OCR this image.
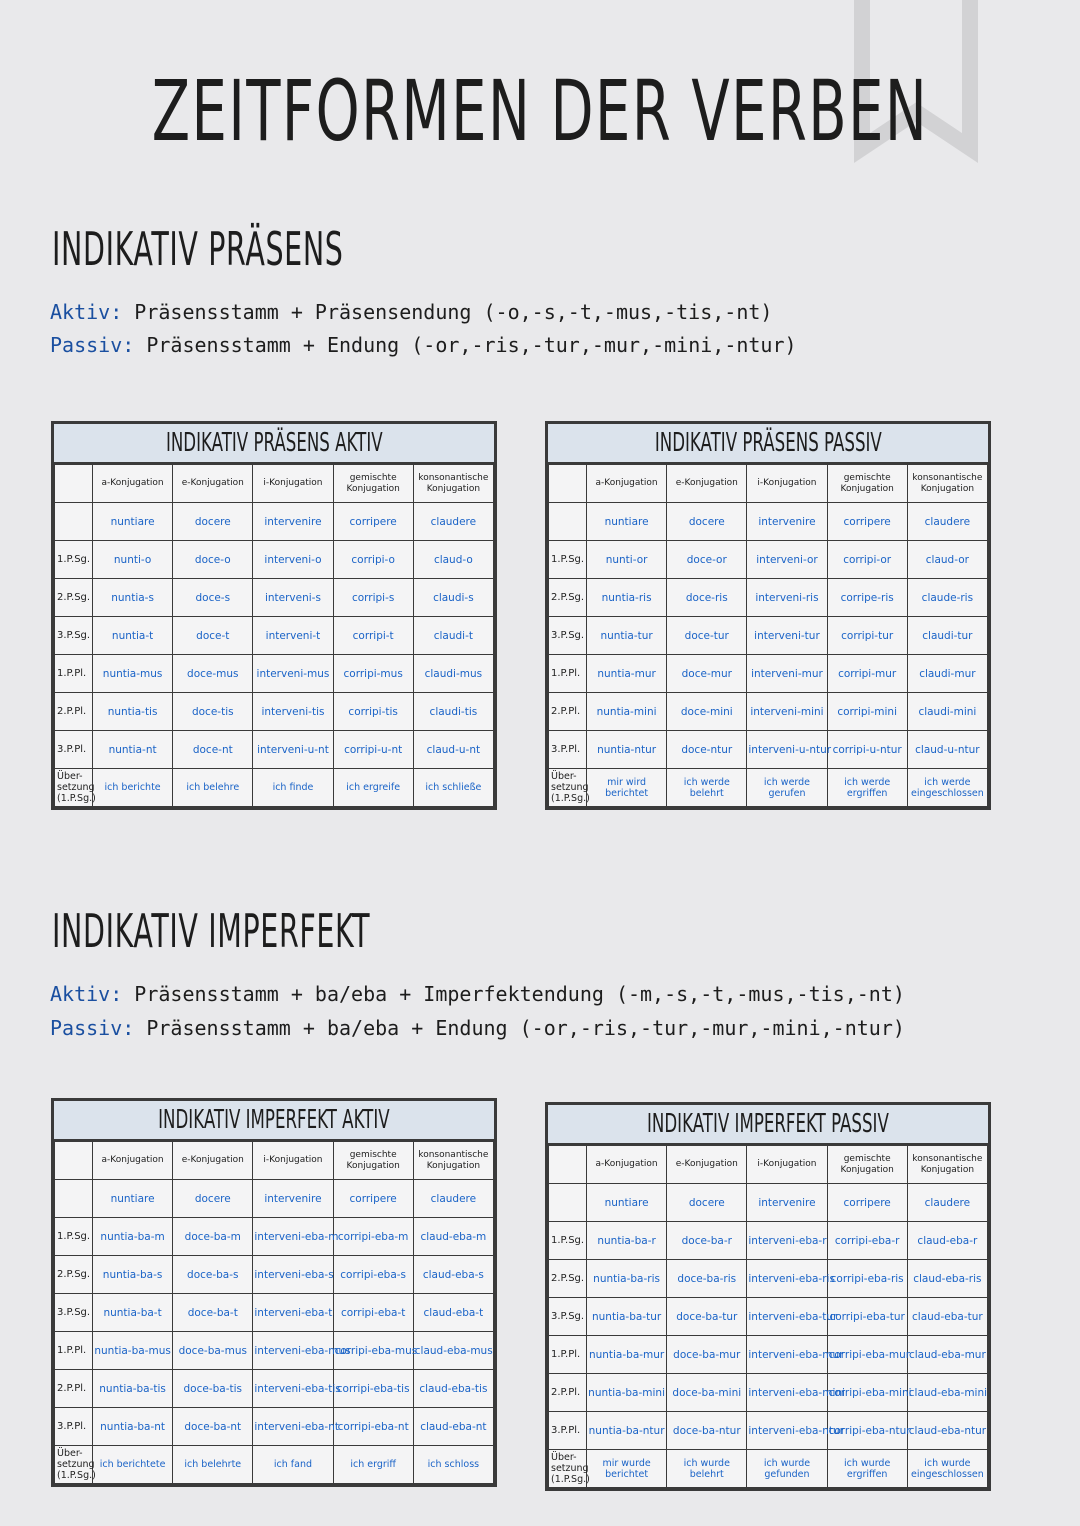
ZEITFORMEN DER VERBEN
INDIKATIV PRÄSENS
Aktiv: Präsensstamm + Präsensendung (-o,-s,-t,-mus,-tis,-nt)
Passiv: Präsensstamm + Endung (-or,-ris,-tur,-mur,-mini,-ntur)
INDIKATIV IMPERFEKT
Aktiv: Präsensstamm + ba/eba + Imperfektendung (-m,-s,-t,-mus,-tis,-nt)
Passiv: Präsensstamm + ba/eba + Endung (-or,-ris,-tur,-mur,-mini,-ntur)
INDIKATIV PRÄSENS AKTIV
	a-Konjugation	e-Konjugation	i-Konjugation	gemischte Konjugation	konsonantische Konjugation
	nuntiare	docere	intervenire	corripere	claudere
1.P.Sg.	nunti-o	doce-o	interveni-o	corripi-o	claud-o
2.P.Sg.	nuntia-s	doce-s	interveni-s	corripi-s	claudi-s
3.P.Sg.	nuntia-t	doce-t	interveni-t	corripi-t	claudi-t
1.P.Pl.	nuntia-mus	doce-mus	interveni-mus	corripi-mus	claudi-mus
2.P.Pl.	nuntia-tis	doce-tis	interveni-tis	corripi-tis	claudi-tis
3.P.Pl.	nuntia-nt	doce-nt	interveni-u-nt	corripi-u-nt	claud-u-nt
Über-setzung (1.P.Sg.)	ich berichte	ich belehre	ich finde	ich ergreife	ich schließe
INDIKATIV PRÄSENS PASSIV
	a-Konjugation	e-Konjugation	i-Konjugation	gemischte Konjugation	konsonantische Konjugation
	nuntiare	docere	intervenire	corripere	claudere
1.P.Sg.	nunti-or	doce-or	interveni-or	corripi-or	claud-or
2.P.Sg.	nuntia-ris	doce-ris	interveni-ris	corripe-ris	claude-ris
3.P.Sg.	nuntia-tur	doce-tur	interveni-tur	corripi-tur	claudi-tur
1.P.Pl.	nuntia-mur	doce-mur	interveni-mur	corripi-mur	claudi-mur
2.P.Pl.	nuntia-mini	doce-mini	interveni-mini	corripi-mini	claudi-mini
3.P.Pl.	nuntia-ntur	doce-ntur	interveni-u-ntur	corripi-u-ntur	claud-u-ntur
Über-setzung (1.P.Sg.)	mir wird berichtet	ich werde belehrt	ich werde gerufen	ich werde ergriffen	ich werde eingeschlossen
INDIKATIV IMPERFEKT AKTIV
	a-Konjugation	e-Konjugation	i-Konjugation	gemischte Konjugation	konsonantische Konjugation
	nuntiare	docere	intervenire	corripere	claudere
1.P.Sg.	nuntia-ba-m	doce-ba-m	interveni-eba-m	corripi-eba-m	claud-eba-m
2.P.Sg.	nuntia-ba-s	doce-ba-s	interveni-eba-s	corripi-eba-s	claud-eba-s
3.P.Sg.	nuntia-ba-t	doce-ba-t	interveni-eba-t	corripi-eba-t	claud-eba-t
1.P.Pl.	nuntia-ba-mus	doce-ba-mus	interveni-eba-mus	corripi-eba-mus	claud-eba-mus
2.P.Pl.	nuntia-ba-tis	doce-ba-tis	interveni-eba-tis	corripi-eba-tis	claud-eba-tis
3.P.Pl.	nuntia-ba-nt	doce-ba-nt	interveni-eba-nt	corripi-eba-nt	claud-eba-nt
Über-setzung (1.P.Sg.)	ich berichtete	ich belehrte	ich fand	ich ergriff	ich schloss
INDIKATIV IMPERFEKT PASSIV
	a-Konjugation	e-Konjugation	i-Konjugation	gemischte Konjugation	konsonantische Konjugation
	nuntiare	docere	intervenire	corripere	claudere
1.P.Sg.	nuntia-ba-r	doce-ba-r	interveni-eba-r	corripi-eba-r	claud-eba-r
2.P.Sg.	nuntia-ba-ris	doce-ba-ris	interveni-eba-ris	corripi-eba-ris	claud-eba-ris
3.P.Sg.	nuntia-ba-tur	doce-ba-tur	interveni-eba-tur	corripi-eba-tur	claud-eba-tur
1.P.Pl.	nuntia-ba-mur	doce-ba-mur	interveni-eba-mur	corripi-eba-mur	claud-eba-mur
2.P.Pl.	nuntia-ba-mini	doce-ba-mini	interveni-eba-mini	corripi-eba-mini	claud-eba-mini
3.P.Pl.	nuntia-ba-ntur	doce-ba-ntur	interveni-eba-ntur	corripi-eba-ntur	claud-eba-ntur
Über-setzung (1.P.Sg.)	mir wurde berichtet	ich wurde belehrt	ich wurde gefunden	ich wurde ergriffen	ich wurde eingeschlossen
